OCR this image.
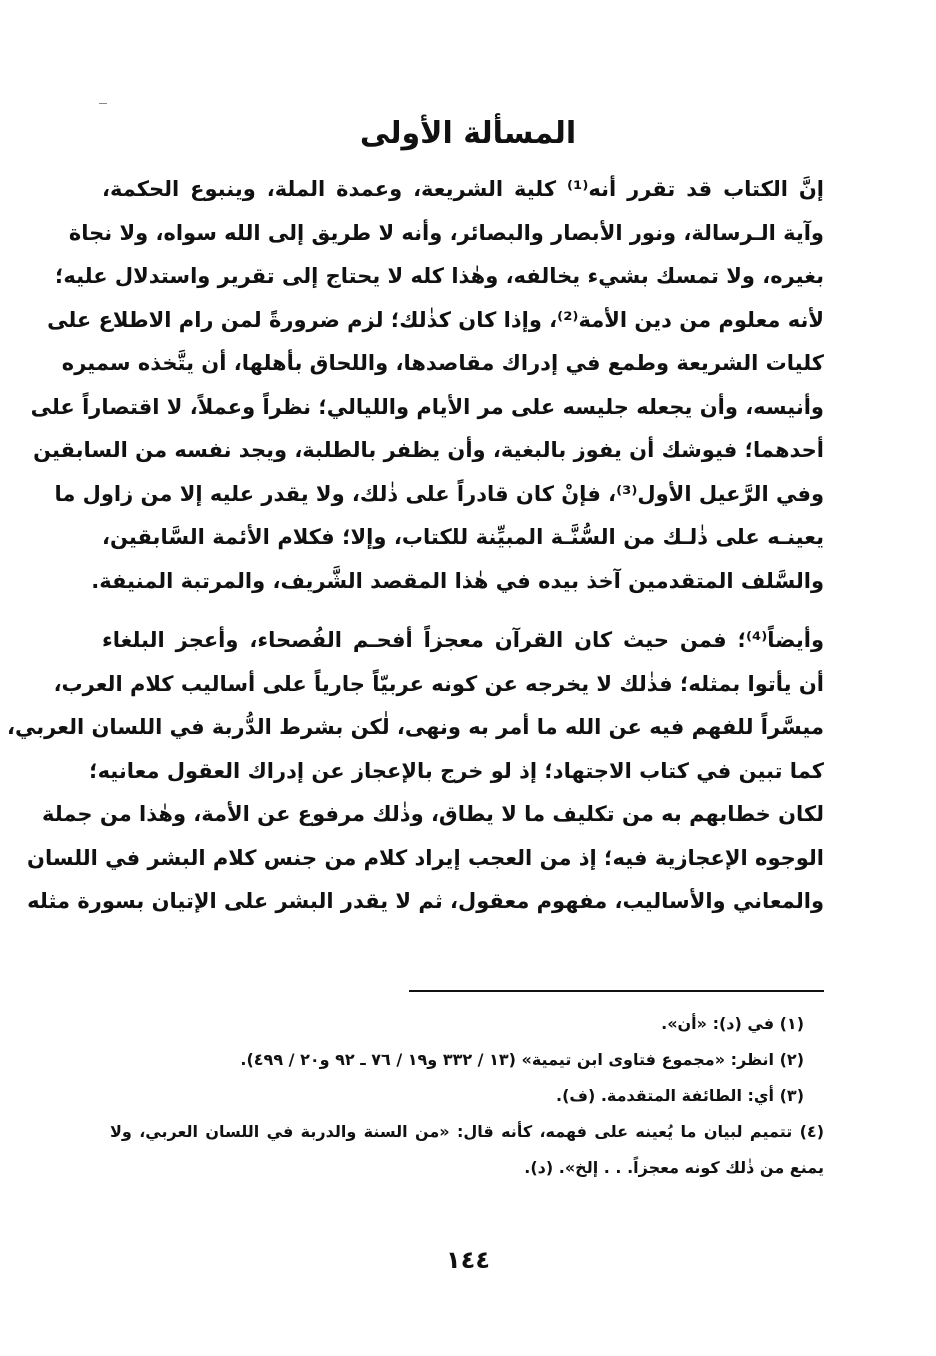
المسألة الأولى
إنَّ الكتاب قد تقرر أنه⁽¹⁾ كلية الشريعة، وعمدة الملة، وينبوع الحكمة،
وآية الـرسالة، ونور الأبصار والبصائر، وأنه لا طريق إلى الله سواه، ولا نجاة
بغيره، ولا تمسك بشيء يخالفه، وهٰذا كله لا يحتاج إلى تقرير واستدلال عليه؛
لأنه معلوم من دين الأمة⁽²⁾، وإذا كان كذٰلك؛ لزم ضرورةً لمن رام الاطلاع على
كليات الشريعة وطمع في إدراك مقاصدها، واللحاق بأهلها، أن يتَّخذه سميره
وأنيسه، وأن يجعله جليسه على مر الأيام والليالي؛ نظراً وعملاً، لا اقتصاراً على
أحدهما؛ فيوشك أن يفوز بالبغية، وأن يظفر بالطلبة، ويجد نفسه من السابقين
وفي الرَّعيل الأول⁽³⁾، فإنْ كان قادراً على ذٰلك، ولا يقدر عليه إلا من زاول ما
يعينـه على ذٰلـك من السُّنَّـة المبيِّنة للكتاب، وإلا؛ فكلام الأئمة السَّابقين،
والسَّلف المتقدمين آخذ بيده في هٰذا المقصد الشَّريف، والمرتبة المنيفة.
وأيضاً⁽⁴⁾؛ فمن حيث كان القرآن معجزاً أفحـم الفُصحاء، وأعجز البلغاء
أن يأتوا بمثله؛ فذٰلك لا يخرجه عن كونه عربيّاً جارياً على أساليب كلام العرب،
ميسَّراً للفهم فيه عن الله ما أمر به ونهى، لٰكن بشرط الدُّربة في اللسان العربي،
كما تبين في كتاب الاجتهاد؛ إذ لو خرج بالإعجاز عن إدراك العقول معانيه؛
لكان خطابهم به من تكليف ما لا يطاق، وذٰلك مرفوع عن الأمة، وهٰذا من جملة
الوجوه الإعجازية فيه؛ إذ من العجب إيراد كلام من جنس كلام البشر في اللسان
والمعاني والأساليب، مفهوم معقول، ثم لا يقدر البشر على الإتيان بسورة مثله
(١) في (د): «أن».
(٢) انظر: «مجموع فتاوى ابن تيمية» (١٣ / ٣٣٢ و١٩ / ٧٦ ـ ٩٢ و٢٠ / ٤٩٩).
(٣) أي: الطائفة المتقدمة. (ف).
(٤) تتميم لبيان ما يُعينه على فهمه، كأنه قال: «من السنة والدربة في اللسان العربي، ولا
يمنع من ذٰلك كونه معجزاً. . . إلخ». (د).
١٤٤
